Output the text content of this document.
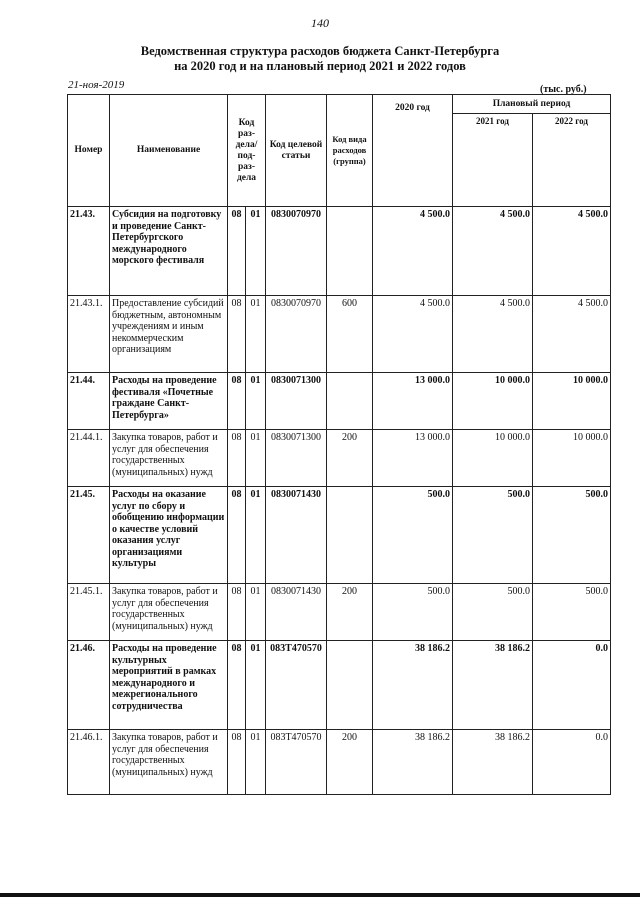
140
Ведомственная структура расходов бюджета Санкт-Петербурга
на 2020 год и на плановый период 2021 и 2022 годов
21-ноя-2019	(тыс. руб.)
Номер	Наименование	Код раз- дела/ под- раз- дела		Код целевой статьи	Код вида расходов (группа)	2020 год	Плановый период	
							2021 год	2022 год
21.43.	Субсидия на подготовку и проведение Санкт-Петербургского международного морского фестиваля	08	01	0830070970		4 500.0	4 500.0	4 500.0
21.43.1.	Предоставление субсидий бюджетным, автономным учреждениям и иным некоммерческим организациям	08	01	0830070970	600	4 500.0	4 500.0	4 500.0
21.44.	Расходы на проведение фестиваля «Почетные граждане Санкт-Петербурга»	08	01	0830071300		13 000.0	10 000.0	10 000.0
21.44.1.	Закупка товаров, работ и услуг для обеспечения государственных (муниципальных) нужд	08	01	0830071300	200	13 000.0	10 000.0	10 000.0
21.45.	Расходы на оказание услуг по сбору и обобщению информации о качестве условий оказания услуг организациями культуры	08	01	0830071430		500.0	500.0	500.0
21.45.1.	Закупка товаров, работ и услуг для обеспечения государственных (муниципальных) нужд	08	01	0830071430	200	500.0	500.0	500.0
21.46.	Расходы на проведение культурных мероприятий в рамках международного и межрегионального сотрудничества	08	01	083Т470570		38 186.2	38 186.2	0.0
21.46.1.	Закупка товаров, работ и услуг для обеспечения государственных (муниципальных) нужд	08	01	083Т470570	200	38 186.2	38 186.2	0.0
